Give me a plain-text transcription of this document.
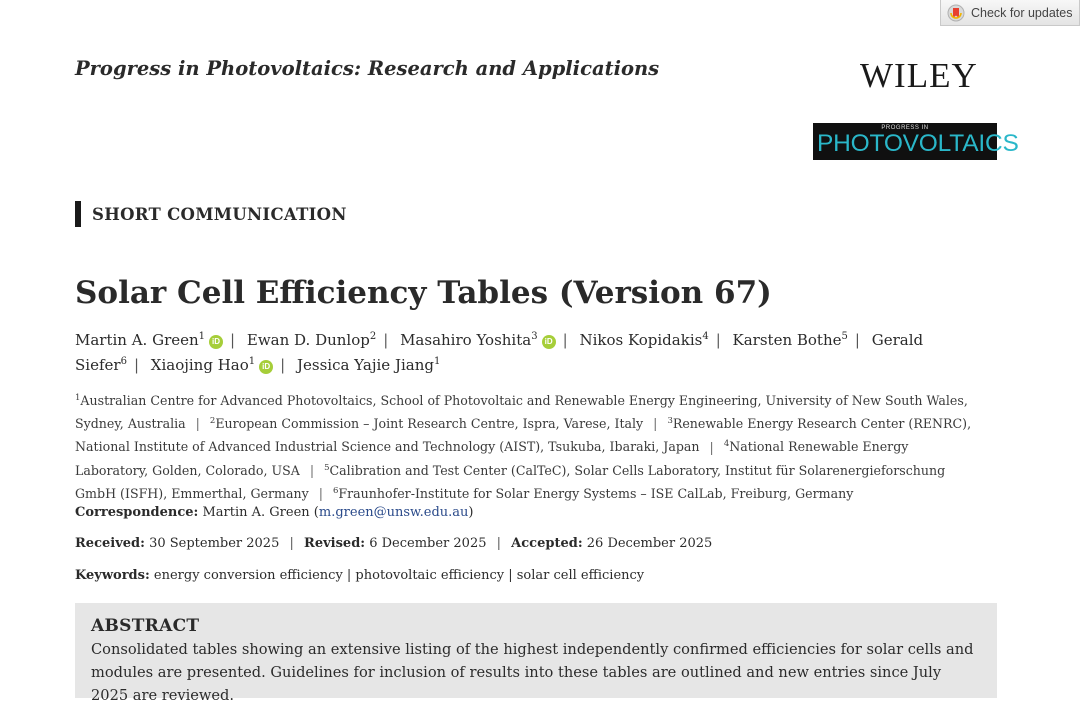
Check for updates
Progress in Photovoltaics: Research and Applications	WILEY
PROGRESS IN
PHOTOVOLTAICS
SHORT COMMUNICATION
Solar Cell Efficiency Tables (Version 67)
Martin A. Green$^1$ iD | Ewan D. Dunlop$^2$ | Masahiro Yoshita$^3$ iD | Nikos Kopidakis$^4$ | Karsten Bothe$^5$ | Gerald Siefer$^6$ | Xiaojing Hao$^1$ iD | Jessica Yajie Jiang$^1$
$^1$Australian Centre for Advanced Photovoltaics, School of Photovoltaic and Renewable Energy Engineering, University of New South Wales, Sydney, Australia | $^2$European Commission – Joint Research Centre, Ispra, Varese, Italy | $^3$Renewable Energy Research Center (RENRC), National Institute of Advanced Industrial Science and Technology (AIST), Tsukuba, Ibaraki, Japan | $^4$National Renewable Energy Laboratory, Golden, Colorado, USA | $^5$Calibration and Test Center (CalTeC), Solar Cells Laboratory, Institut für Solarenergieforschung GmbH (ISFH), Emmerthal, Germany | $^6$Fraunhofer-Institute for Solar Energy Systems – ISE CalLab, Freiburg, Germany
Correspondence: Martin A. Green (m.green@unsw.edu.au)
Received: 30 September 2025 | Revised: 6 December 2025 | Accepted: 26 December 2025
Keywords: energy conversion efficiency | photovoltaic efficiency | solar cell efficiency
ABSTRACT
Consolidated tables showing an extensive listing of the highest independently confirmed efficiencies for solar cells and modules are presented. Guidelines for inclusion of results into these tables are outlined and new entries since July 2025 are reviewed.
